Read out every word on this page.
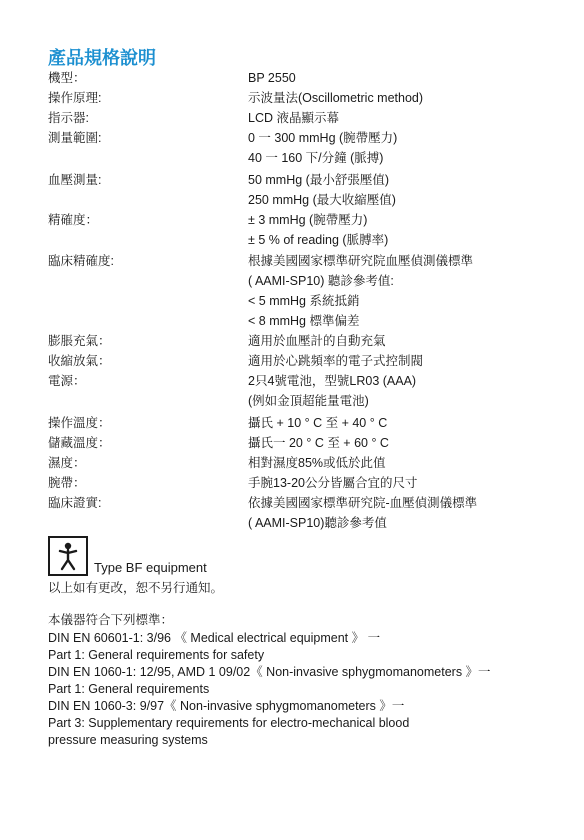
產品規格說明
機型：	BP 2550
操作原理:	示波量法(Oscillometric method)
指示器:	LCD 液晶顯示幕
測量範圍:	0 一 300 mmHg (腕帶壓力)
40 一 160 下/分鐘 (脈搏)
血壓測量:	50 mmHg (最小舒張壓值)
250 mmHg (最大收縮壓值)
精確度：	± 3 mmHg (腕帶壓力)
± 5 % of reading (脈膊率)
臨床精確度:	根據美國國家標準研究院血壓偵測儀標準
( AAMI-SP10) 聽診參考值:
< 5 mmHg 系統抵銷
< 8 mmHg 標準偏差
膨脹充氣：	適用於血壓計的自動充氣
收縮放氣：	適用於心跳頻率的電子式控制閥
電源：	2只4號電池，型號LR03 (AAA)
(例如金頂超能量電池)
操作溫度：	攝氏 + 10 ° C 至 + 40 ° C
儲藏溫度：	攝氏一 20 ° C 至 + 60 ° C
濕度：	相對濕度85%或低於此值
腕帶：	手腕13-20公分皆屬合宜的尺寸
臨床證實:	依據美國國家標準研究院-血壓偵測儀標準
( AAMI-SP10)聽診參考值
Type BF equipment
以上如有更改，恕不另行通知。
本儀器符合下列標準：
DIN EN 60601-1: 3/96 《 Medical electrical equipment 》 一
Part 1: General requirements for safety
DIN EN 1060-1: 12/95, AMD 1 09/02《 Non-invasive sphygmomanometers 》一
Part 1: General requirements
DIN EN 1060-3: 9/97《 Non-invasive sphygmomanometers 》一
Part 3: Supplementary requirements for electro-mechanical blood
pressure measuring systems
